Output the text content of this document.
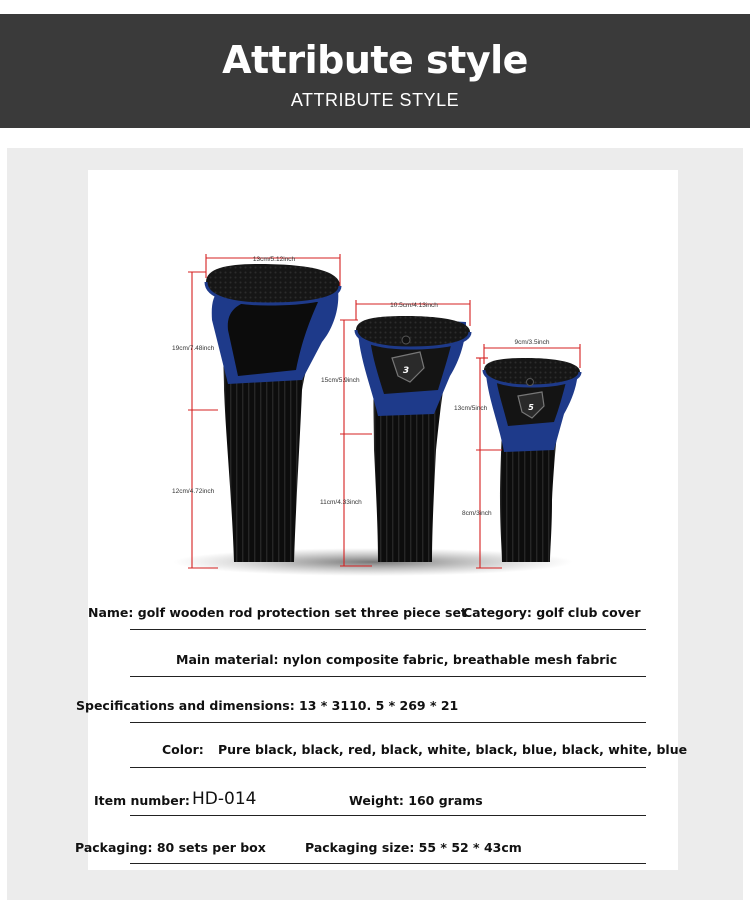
Attribute style
ATTRIBUTE STYLE
3
5
13cm/5.12inch
19cm/7.48inch
12cm/4.72inch
10.5cm/4.13inch
15cm/5.9inch
11cm/4.33inch
9cm/3.5inch
13cm/5inch
8cm/3inch
Name: golf wooden rod protection set three piece set
Category: golf club cover
Main material: nylon composite fabric, breathable mesh fabric
Specifications and dimensions: 13 * 3110. 5 * 269 * 21
Color: Pure black, black, red, black, white, black, blue, black, white, blue
Item number: HD-014	Weight: 160 grams
Packaging: 80 sets per box	Packaging size: 55 * 52 * 43cm
